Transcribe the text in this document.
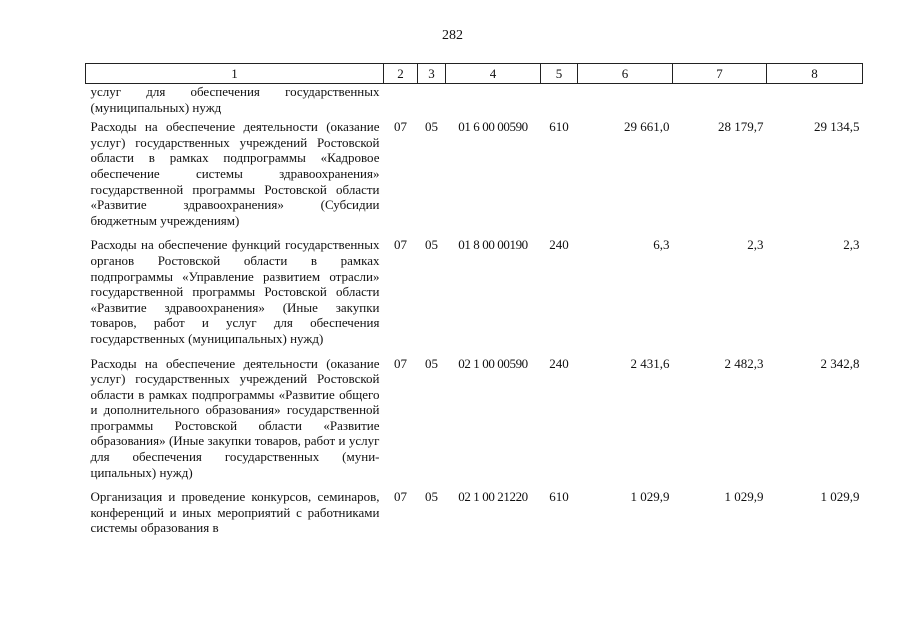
282
1	2	3	4	5	6	7	8
услуг для обеспечения государственных (муниципальных) нужд							
Расходы на обеспечение деятельности (оказание услуг) государственных учреждений Ростовской области в рамках подпрограммы «Кадровое обеспечение системы здравоохранения» государственной программы Ростовской области «Развитие здравоохранения» (Субсидии бюджетным учреждениям)	07	05	01 6 00 00590	610	29 661,0	28 179,7	29 134,5
Расходы на обеспечение функций государственных органов Ростовской области в рамках подпрограммы «Управление развитием отрасли» государственной программы Ростовской области «Развитие здравоохранения» (Иные закупки товаров, работ и услуг для обеспечения государственных (муниципальных) нужд)	07	05	01 8 00 00190	240	6,3	2,3	2,3
Расходы на обеспечение деятельности (оказание услуг) государственных учреждений Ростовской области в рамках подпрограммы «Развитие общего и дополнительного образования» государственной программы Ростовской области «Развитие образования» (Иные закупки товаров, работ и услуг для обеспечения государственных (муниципальных) нужд)	07	05	02 1 00 00590	240	2 431,6	2 482,3	2 342,8
Организация и проведение конкурсов, семинаров, конференций и иных мероприятий с работниками системы образования в	07	05	02 1 00 21220	610	1 029,9	1 029,9	1 029,9
